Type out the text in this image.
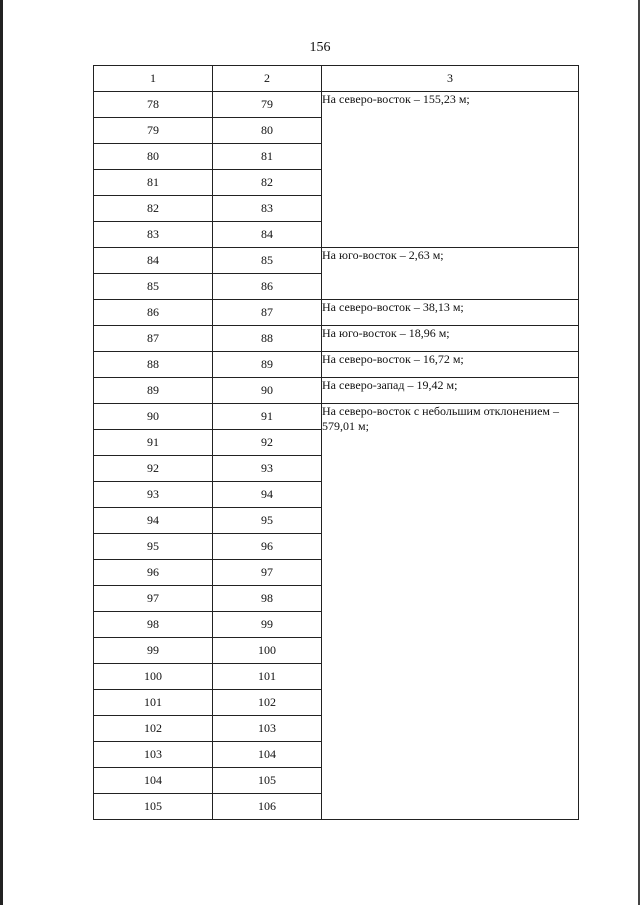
156
1	2	3
78	79	На северо-восток – 155,23 м;
79	80	
80	81	
81	82	
82	83	
83	84	
84	85	На юго-восток – 2,63 м;
85	86	
86	87	На северо-восток – 38,13 м;
87	88	На юго-восток – 18,96 м;
88	89	На северо-восток – 16,72 м;
89	90	На северо-запад – 19,42 м;
90	91	На северо-восток с небольшим отклонением – 579,01 м;
91	92	
92	93	
93	94	
94	95	
95	96	
96	97	
97	98	
98	99	
99	100	
100	101	
101	102	
102	103	
103	104	
104	105	
105	106	
